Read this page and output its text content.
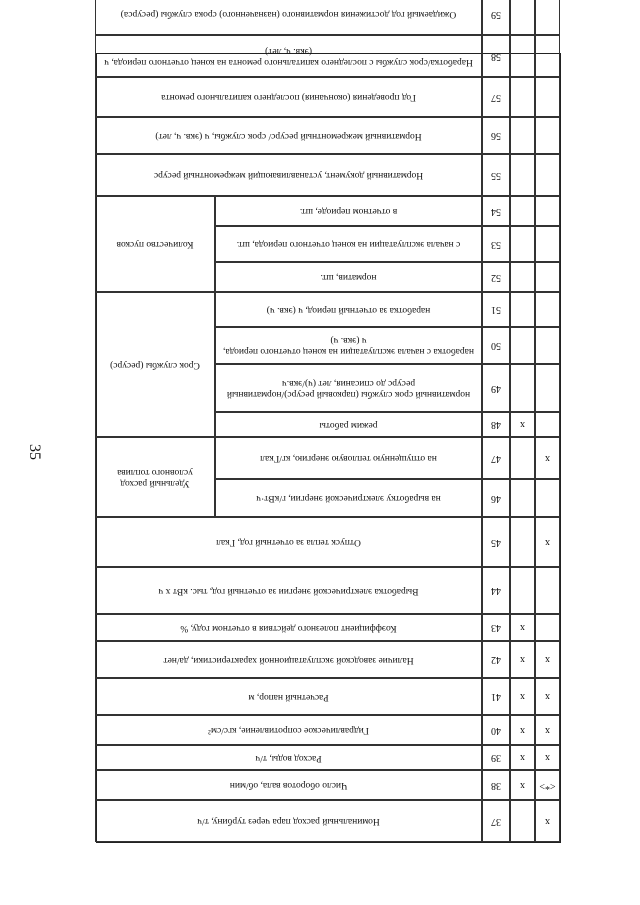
35
х
37
Номинальный расход пара через турбину, т/ч
<*>
х
38
Число оборотов вала, об/мин
х
х
39
Расход воды, т/ч
х
х
40
Гидравлическое сопротивление, кгс/см²
х
х
41
Расчетный напор, м
х
х
42
Наличие заводской эксплуатационной характеристики, да/нет
х
43
Коэффициент полезного действия в отчетном году, %
44
Выработка электрической энергии за отчетный год, тыс. кВт х ч
х
45
Отпуск тепла за отчетный год, Гкал
46
на выработку электрической энергии, г/кВт·ч
х
47
на отпущенную тепловую энергию, кг/Гкал
х
48
режим работы
49
нормативный срок службы (парковый ресурс)/нормативный ресурс до списания, лет (ч)/экв.ч
50
наработка с начала эксплуатации на конец отчетного периода, ч (экв. ч)
51
наработка за отчетный период, ч (экв. ч)
52
норматив, шт.
53
с начала эксплуатации на конец отчетного периода, шт.
54
в отчетном периоде, шт.
55
Нормативный документ, устанавливающий межремонтный ресурс
56
Нормативный межремонтный ресурс/ срок службы, ч (экв. ч, лет)
57
Год проведения (окончания) последнего капитального ремонта
58
Наработка/срок службы с последнего капитального ремонта на конец отчетного периода, ч (экв. ч, лет)
59
Ожидаемый год достижения нормативного (назначенного) срока службы (ресурса)
Удельный расход условного топлива
Срок службы (ресурс)
Количество пусков
